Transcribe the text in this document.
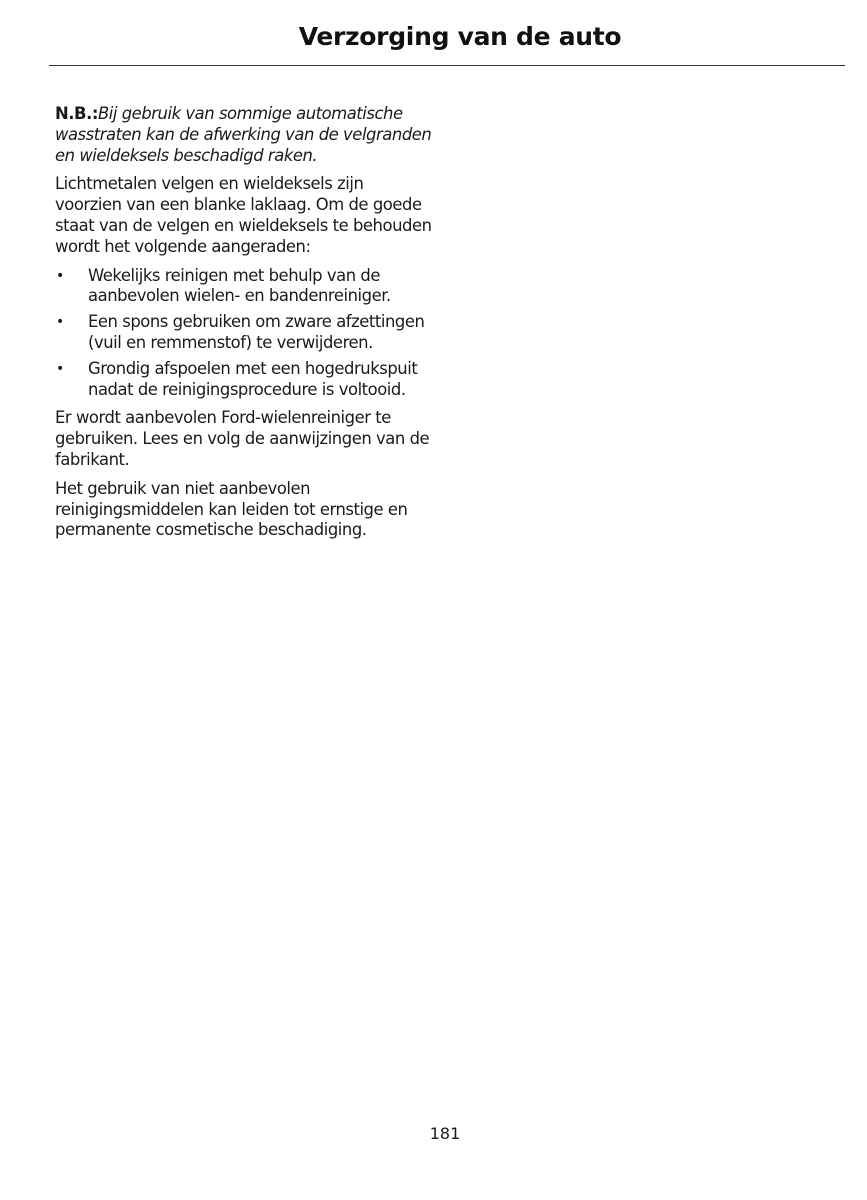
Verzorging van de auto

N.B.:Bij gebruik van sommige automatische wasstraten kan de afwerking van de velgranden en wieldeksels beschadigd raken.

Lichtmetalen velgen en wieldeksels zijn voorzien van een blanke laklaag. Om de goede staat van de velgen en wieldeksels te behouden wordt het volgende aangeraden:

• Wekelijks reinigen met behulp van de aanbevolen wielen- en bandenreiniger.
• Een spons gebruiken om zware afzettingen (vuil en remmenstof) te verwijderen.
• Grondig afspoelen met een hogedrukspuit nadat de reinigingsprocedure is voltooid.

Er wordt aanbevolen Ford-wielenreiniger te gebruiken. Lees en volg de aanwijzingen van de fabrikant.

Het gebruik van niet aanbevolen reinigingsmiddelen kan leiden tot ernstige en permanente cosmetische beschadiging.

181
